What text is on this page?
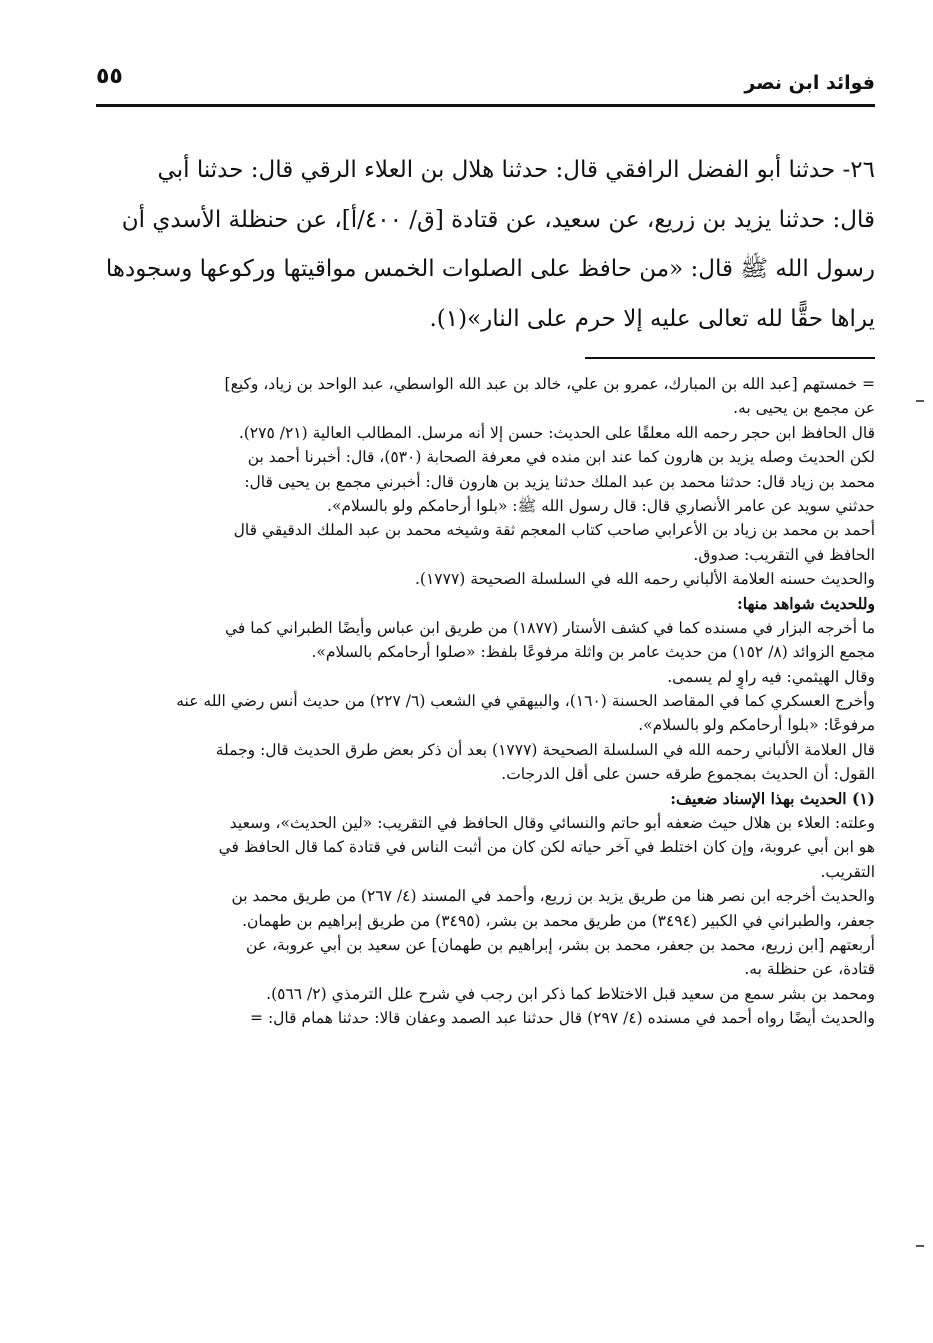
فوائد ابن نصر
٥٥
٢٦- حدثنا أبو الفضل الرافقي قال: حدثنا هلال بن العلاء الرقي قال: حدثنا أبي
قال: حدثنا يزيد بن زريع، عن سعيد، عن قتادة [ق/ ٤٠٠/أ]، عن حنظلة الأسدي أن
رسول الله ﷺ قال: «من حافظ على الصلوات الخمس مواقيتها وركوعها وسجودها
يراها حقًّا لله تعالى عليه إلا حرم على النار»(١).
= خمستهم [عبد الله بن المبارك، عمرو بن علي، خالد بن عبد الله الواسطي، عبد الواحد بن زياد، وكيع]
عن مجمع بن يحيى به.
قال الحافظ ابن حجر رحمه الله معلقًا على الحديث: حسن إلا أنه مرسل. المطالب العالية (٢١/ ٢٧٥).
لكن الحديث وصله يزيد بن هارون كما عند ابن منده في معرفة الصحابة (٥٣٠)، قال: أخبرنا أحمد بن
محمد بن زياد قال: حدثنا محمد بن عبد الملك حدثنا يزيد بن هارون قال: أخبرني مجمع بن يحيى قال:
حدثني سويد عن عامر الأنصاري قال: قال رسول الله ﷺ: «بلوا أرحامكم ولو بالسلام».
أحمد بن محمد بن زياد بن الأعرابي صاحب كتاب المعجم ثقة وشيخه محمد بن عبد الملك الدقيقي قال
الحافظ في التقريب: صدوق.
والحديث حسنه العلامة الألباني رحمه الله في السلسلة الصحيحة (١٧٧٧).
وللحديث شواهد منها:
ما أخرجه البزار في مسنده كما في كشف الأستار (١٨٧٧) من طريق ابن عباس وأيضًا الطبراني كما في
مجمع الزوائد (٨/ ١٥٢) من حديث عامر بن واثلة مرفوعًا بلفظ: «صلوا أرحامكم بالسلام».
وقال الهيثمي: فيه راوٍ لم يسمى.
وأخرج العسكري كما في المقاصد الحسنة (١٦٠)، والبيهقي في الشعب (٦/ ٢٢٧) من حديث أنس رضي الله عنه
مرفوعًا: «بلوا أرحامكم ولو بالسلام».
قال العلامة الألباني رحمه الله في السلسلة الصحيحة (١٧٧٧) بعد أن ذكر بعض طرق الحديث قال: وجملة
القول: أن الحديث بمجموع طرقه حسن على أقل الدرجات.
(١) الحديث بهذا الإسناد ضعيف:
وعلته: العلاء بن هلال حيث ضعفه أبو حاتم والنسائي وقال الحافظ في التقريب: «لين الحديث»، وسعيد
هو ابن أبي عروبة، وإن كان اختلط في آخر حياته لكن كان من أثبت الناس في قتادة كما قال الحافظ في
التقريب.
والحديث أخرجه ابن نصر هنا من طريق يزيد بن زريع، وأحمد في المسند (٤/ ٢٦٧) من طريق محمد بن
جعفر، والطبراني في الكبير (٣٤٩٤) من طريق محمد بن بشر، (٣٤٩٥) من طريق إبراهيم بن طهمان.
أربعتهم [ابن زريع، محمد بن جعفر، محمد بن بشر، إبراهيم بن طهمان] عن سعيد بن أبي عروبة، عن
قتادة، عن حنظلة به.
ومحمد بن بشر سمع من سعيد قبل الاختلاط كما ذكر ابن رجب في شرح علل الترمذي (٢/ ٥٦٦).
والحديث أيضًا رواه أحمد في مسنده (٤/ ٢٩٧) قال حدثنا عبد الصمد وعفان قالا: حدثنا همام قال: =
